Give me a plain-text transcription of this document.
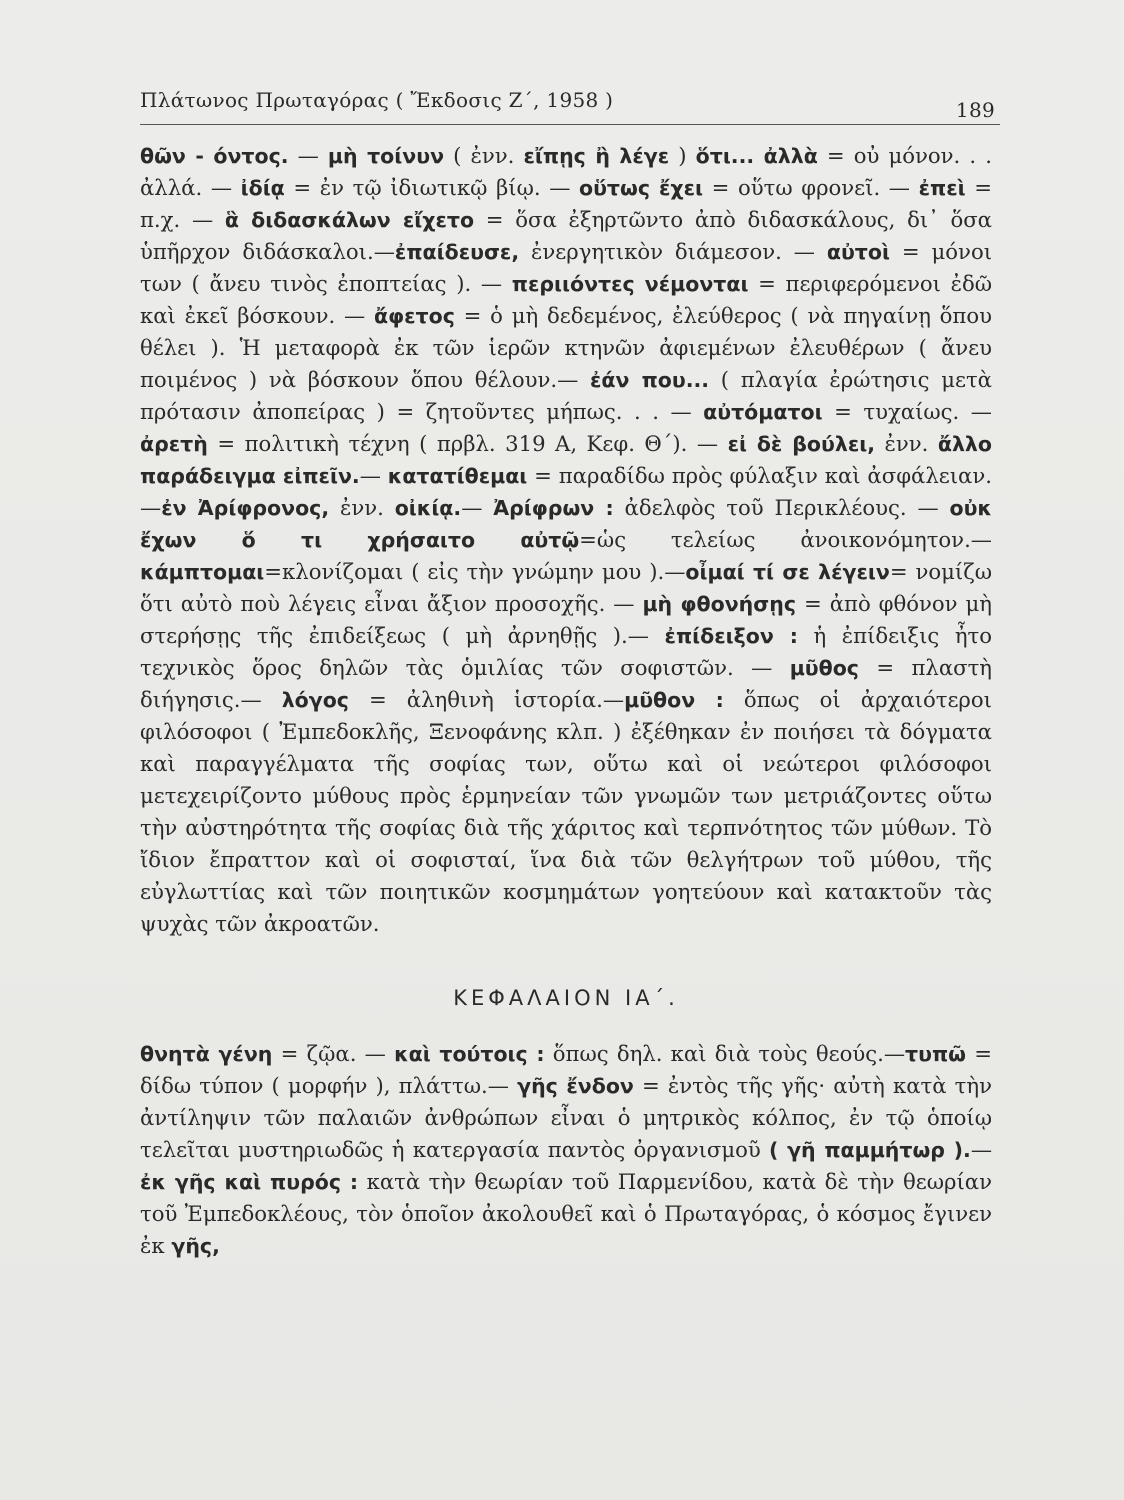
Πλάτωνος Πρωταγόρας ( Ἔκδοσις Ζ΄, 1958 )	189

θῶν - όντος. — μὴ τοίνυν ( ἐνν. εἴπῃς ἢ λέγε ) ὅτι... ἀλλὰ = οὐ μόνον. . . ἀλλά. — ἰδίᾳ = ἐν τῷ ἰδιωτικῷ βίῳ. — οὕτως ἔχει = οὕτω φρονεῖ. — ἐπεὶ = π.χ. — ἃ διδασκάλων εἴχετο = ὅσα ἐξηρτῶντο ἀπὸ διδασκάλους, δι᾽ ὅσα ὑπῆρχον διδάσκαλοι.—ἐπαίδευσε, ἐνεργητικὸν διάμεσον. — αὐτοὶ = μόνοι των ( ἄνευ τινὸς ἐποπτείας ). — περιιόντες νέμονται = περιφερόμενοι ἐδῶ καὶ ἐκεῖ βόσκουν. — ἄφετος = ὁ μὴ δεδεμένος, ἐλεύθερος ( νὰ πηγαίνῃ ὅπου θέλει ). Ἡ μεταφορὰ ἐκ τῶν ἱερῶν κτηνῶν ἀφιεμένων ἐλευθέρων ( ἄνευ ποιμένος ) νὰ βόσκουν ὅπου θέλουν.— ἐάν που... ( πλαγία ἐρώτησις μετὰ πρότασιν ἀποπείρας ) = ζητοῦντες μήπως. . . — αὐτόματοι = τυχαίως. — ἀρετὴ = πολιτικὴ τέχνη ( πρβλ. 319 Α, Κεφ. Θ΄). — εἰ δὲ βούλει, ἐνν. ἄλλο παράδειγμα εἰπεῖν.— κατατίθεμαι = παραδίδω πρὸς φύλαξιν καὶ ἀσφάλειαν.—ἐν Ἀρίφρονος, ἐνν. οἰκίᾳ.— Ἀρίφρων : ἀδελφὸς τοῦ Περικλέους. — οὐκ ἔχων ὅ τι χρήσαιτο αὐτῷ=ὡς τελείως ἀνοικονόμητον.—κάμπτομαι=κλονίζομαι ( εἰς τὴν γνώμην μου ).—οἶμαί τί σε λέγειν= νομίζω ὅτι αὐτὸ ποὺ λέγεις εἶναι ἄξιον προσοχῆς. — μὴ φθονήσῃς = ἀπὸ φθόνον μὴ στερήσῃς τῆς ἐπιδείξεως ( μὴ ἀρνηθῇς ).— ἐπίδειξον : ἡ ἐπίδειξις ἦτο τεχνικὸς ὅρος δηλῶν τὰς ὁμιλίας τῶν σοφιστῶν. — μῦθος = πλαστὴ διήγησις.— λόγος = ἀληθινὴ ἱστορία.—μῦθον : ὅπως οἱ ἀρχαιότεροι φιλόσοφοι ( Ἐμπεδοκλῆς, Ξενοφάνης κλπ. ) ἐξέθηκαν ἐν ποιήσει τὰ δόγματα καὶ παραγγέλματα τῆς σοφίας των, οὕτω καὶ οἱ νεώτεροι φιλόσοφοι μετεχειρίζοντο μύθους πρὸς ἑρμηνείαν τῶν γνωμῶν των μετριάζοντες οὕτω τὴν αὐστηρότητα τῆς σοφίας διὰ τῆς χάριτος καὶ τερπνότητος τῶν μύθων. Τὸ ἴδιον ἔπραττον καὶ οἱ σοφισταί, ἵνα διὰ τῶν θελγήτρων τοῦ μύθου, τῆς εὐγλωττίας καὶ τῶν ποιητικῶν κοσμημάτων γοητεύουν καὶ κατακτοῦν τὰς ψυχὰς τῶν ἀκροατῶν.

ΚΕΦΑΛΑΙΟΝ ΙΑ΄.

θνητὰ γένη = ζῷα. — καὶ τούτοις : ὅπως δηλ. καὶ διὰ τοὺς θεούς.—τυπῶ = δίδω τύπον ( μορφήν ), πλάττω.— γῆς ἔνδον = ἐντὸς τῆς γῆς· αὐτὴ κατὰ τὴν ἀντίληψιν τῶν παλαιῶν ἀνθρώπων εἶναι ὁ μητρικὸς κόλπος, ἐν τῷ ὁποίῳ τελεῖται μυστηριωδῶς ἡ κατεργασία παντὸς ὀργανισμοῦ ( γῆ παμμήτωρ ).—ἐκ γῆς καὶ πυρός : κατὰ τὴν θεωρίαν τοῦ Παρμενίδου, κατὰ δὲ τὴν θεωρίαν τοῦ Ἐμπεδοκλέους, τὸν ὁποῖον ἀκολουθεῖ καὶ ὁ Πρωταγόρας, ὁ κόσμος ἔγινεν ἐκ γῆς,
